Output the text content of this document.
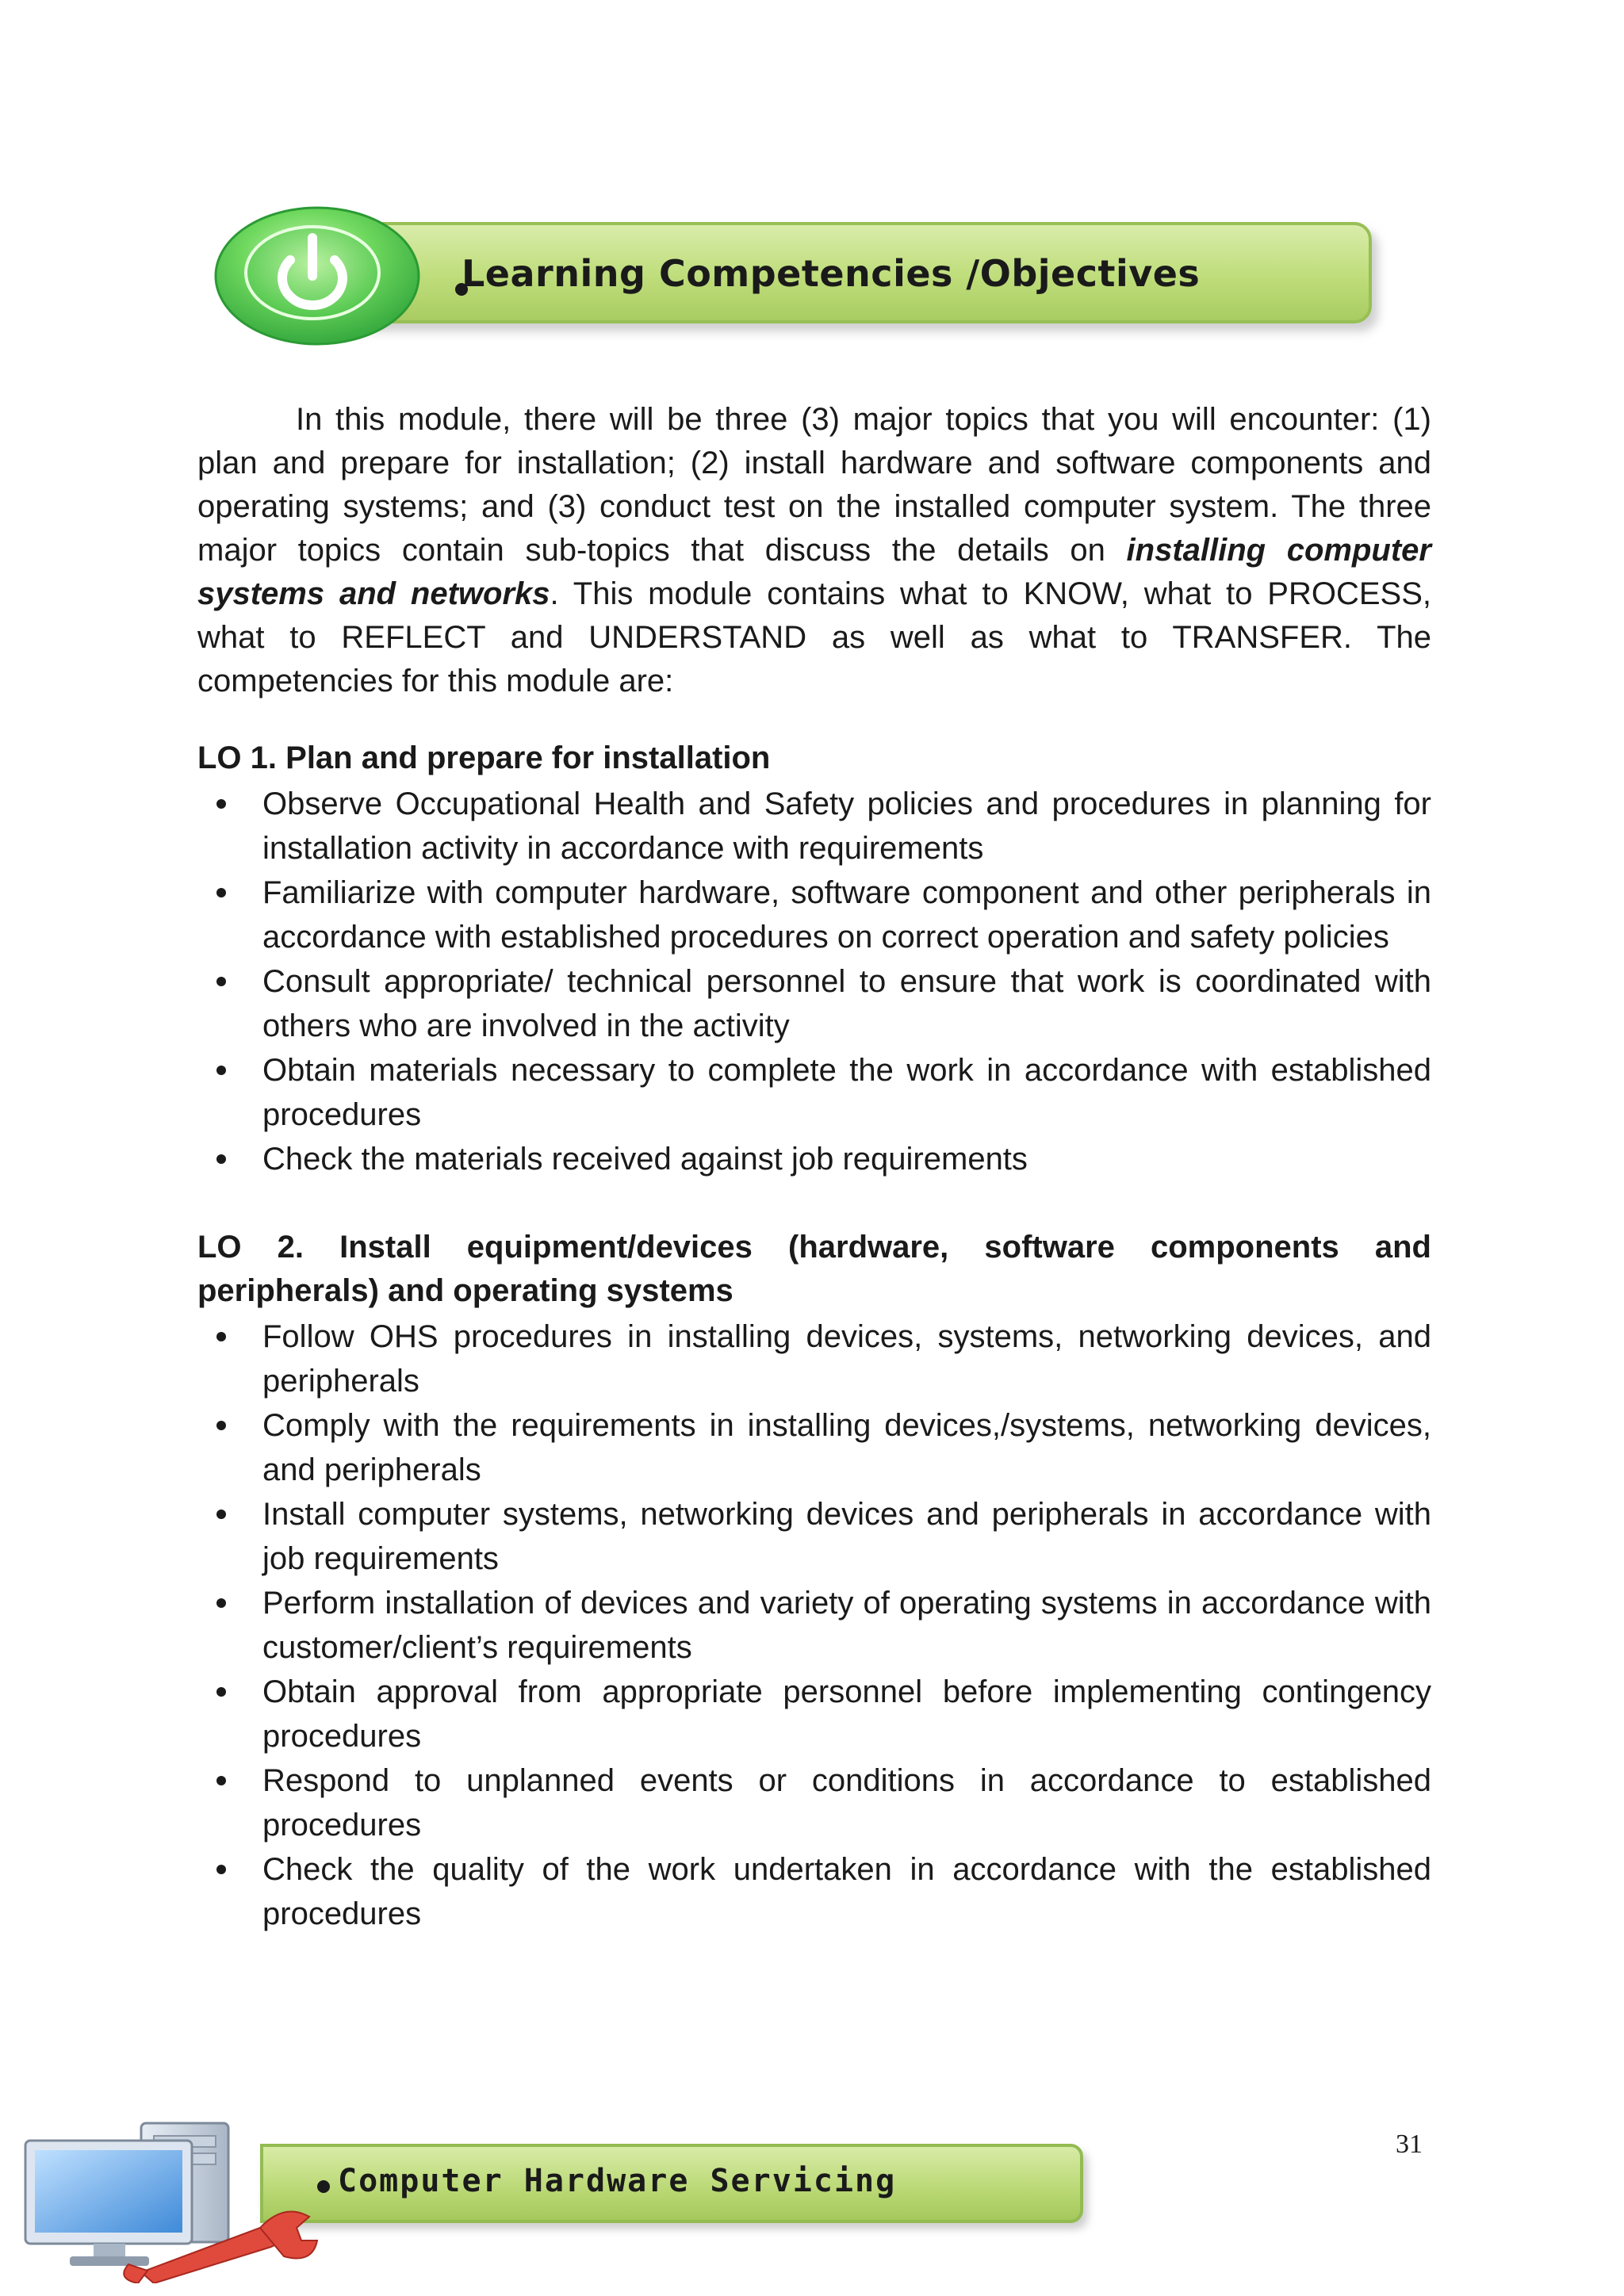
Learning Competencies /Objectives

In this module, there will be three (3) major topics that you will encounter: (1) plan and prepare for installation; (2) install hardware and software components and operating systems; and (3) conduct test on the installed computer system. The three major topics contain sub-topics that discuss the details on installing computer systems and networks. This module contains what to KNOW, what to PROCESS, what to REFLECT and UNDERSTAND as well as what to TRANSFER. The competencies for this module are:

LO 1. Plan and prepare for installation

Observe Occupational Health and Safety policies and procedures in planning for installation activity in accordance with requirements
Familiarize with computer hardware, software component and other peripherals in accordance with established procedures on correct operation and safety policies
Consult appropriate/ technical personnel to ensure that work is coordinated with others who are involved in the activity
Obtain materials necessary to complete the work in accordance with established procedures
Check the materials received against job requirements

LO 2. Install equipment/devices (hardware, software components and peripherals) and operating systems

Follow OHS procedures in installing devices, systems, networking devices, and peripherals
Comply with the requirements in installing devices,/systems, networking devices, and peripherals
Install computer systems, networking devices and peripherals in accordance with job requirements
Perform installation of devices and variety of operating systems in accordance with customer/client’s requirements
Obtain approval from appropriate personnel before implementing contingency procedures
Respond to unplanned events or conditions in accordance to established procedures
Check the quality of the work undertaken in accordance with the established procedures
31
Computer Hardware Servicing
